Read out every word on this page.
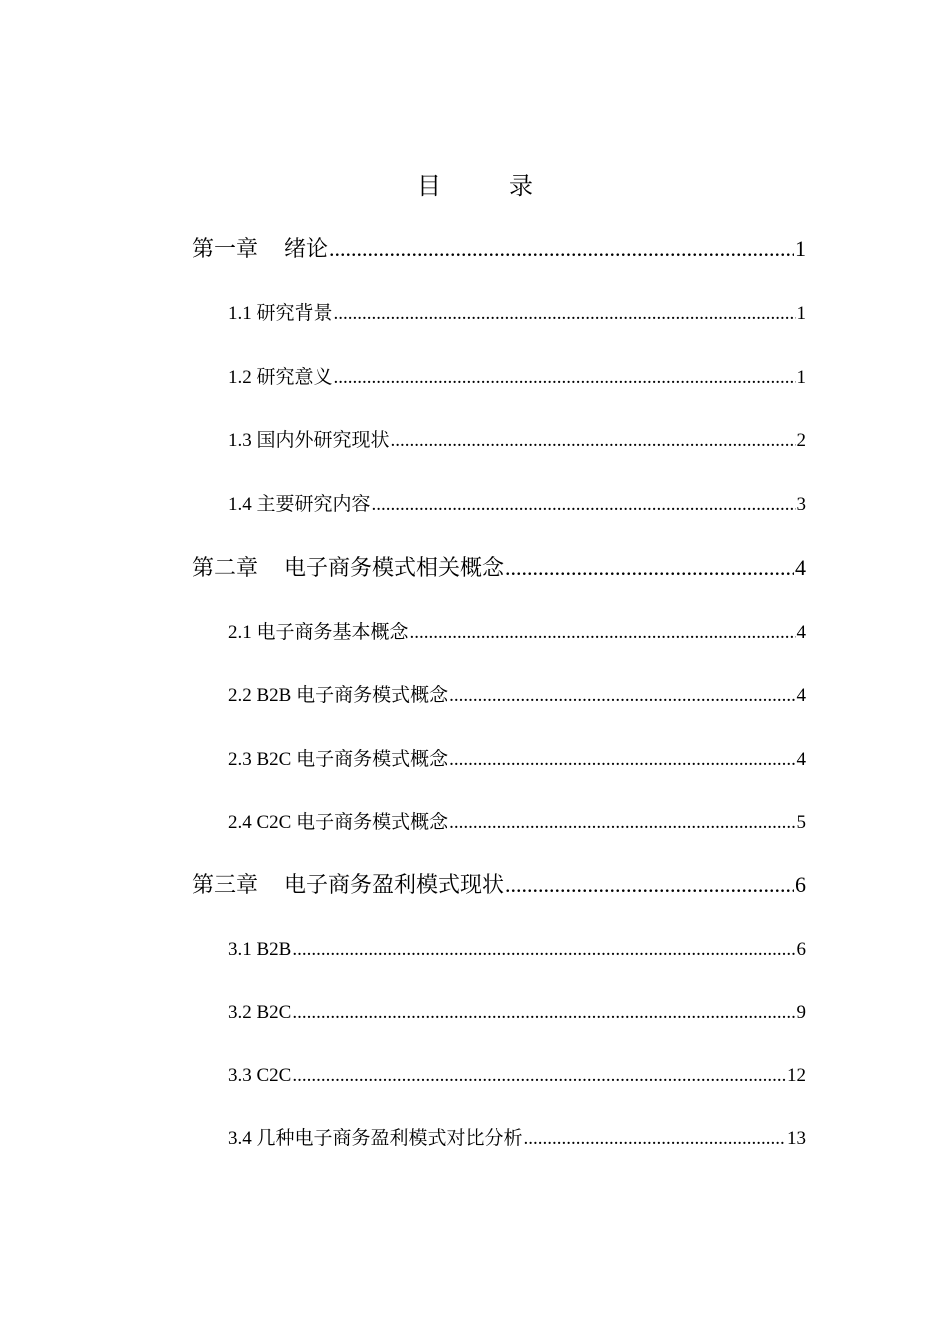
目　录
第一章 绪论 .....	1
1.1 研究背景 .....	1
1.2 研究意义 .....	1
1.3 国内外研究现状 .....	2
1.4 主要研究内容 .....	3
第二章 电子商务模式相关概念 .....	4
2.1 电子商务基本概念 .....	4
2.2 B2B 电子商务模式概念 .....	4
2.3 B2C 电子商务模式概念 .....	4
2.4 C2C 电子商务模式概念 .....	5
第三章 电子商务盈利模式现状 .....	6
3.1 B2B .....	6
3.2 B2C .....	9
3.3 C2C .....	12
3.4 几种电子商务盈利模式对比分析 .....	13
